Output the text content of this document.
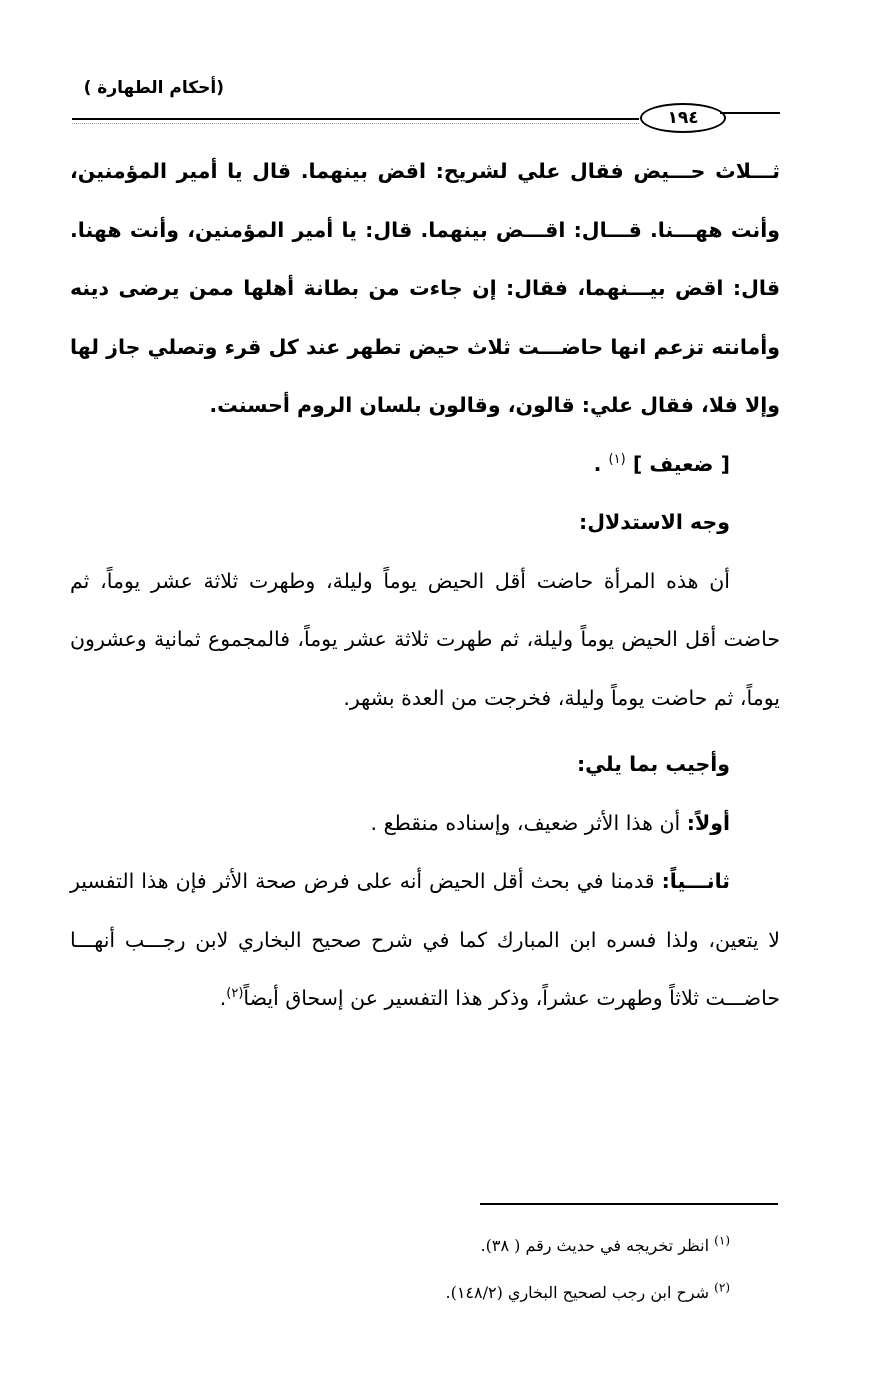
(أحكام الطهارة )
١٩٤

ثـــلاث حـــيض فقال علي لشريح: اقض بينهما. قال يا أمير المؤمنين، وأنت ههـــنا. قـــال: اقـــض بينهما. قال: يا أمير المؤمنين، وأنت ههنا. قال: اقض بيـــنهما، فقال: إن جاءت من بطانة أهلها ممن يرضى دينه وأمانته تزعم انها حاضـــت ثلاث حيض تطهر عند كل قرء وتصلي جاز لها وإلا فلا، فقال علي: قالون، وقالون بلسان الروم أحسنت.

[ ضعيف ] $^{(١)}$ .

وجه الاستدلال:

أن هذه المرأة حاضت أقل الحيض يوماً وليلة، وطهرت ثلاثة عشر يوماً، ثم حاضت أقل الحيض يوماً وليلة، ثم طهرت ثلاثة عشر يوماً، فالمجموع ثمانية وعشرون يوماً، ثم حاضت يوماً وليلة، فخرجت من العدة بشهر.

وأجيب بما يلي:

أولاً: أن هذا الأثر ضعيف، وإسناده منقطع .

ثانـــياً: قدمنا في بحث أقل الحيض أنه على فرض صحة الأثر فإن هذا التفسير لا يتعين، ولذا فسره ابن المبارك كما في شرح صحيح البخاري لابن رجـــب أنهـــا حاضـــت ثلاثاً وطهرت عشراً، وذكر هذا التفسير عن إسحاق أيضاً$^{(٢)}$.

$^{(١)}$ انظر تخريجه في حديث رقم ( ٣٨).
$^{(٢)}$ شرح ابن رجب لصحيح البخاري (١٤٨/٢).
